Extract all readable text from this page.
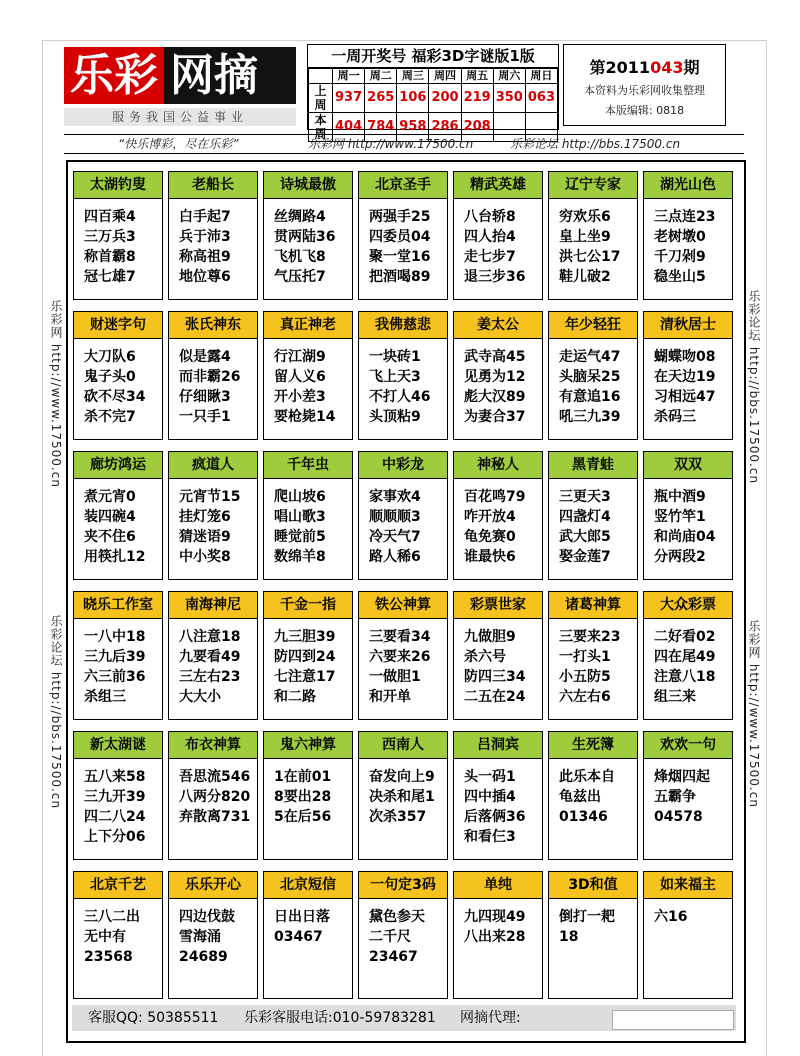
乐彩 网摘
服务我国公益事业
一周开奖号 福彩3D字谜版1版
	周一	周二	周三	周四	周五	周六	周日
上周	937	265	106	200	219	350	063
本周	404	784	958	286	208		
第2011043期
本资料为乐彩网收集整理
本版编辑: 0818
“快乐博彩，尽在乐彩”	乐彩网 http://www.17500.cn	乐彩论坛 http://bbs.17500.cn
乐彩网 http://www.17500.cn
乐彩论坛 http://bbs.17500.cn
乐彩论坛 http://bbs.17500.cn
乐彩网 http://www.17500.cn
太湖钓叟
四百乘4
三万兵3
称首霸8
冠七雄7
老船长
白手起7
兵于沛3
称高祖9
地位尊6
诗城最傲
丝绸路4
贯两陆36
飞机飞8
气压托7
北京圣手
两强手25
四委员04
聚一堂16
把酒喝89
精武英雄
八台轿8
四人抬4
走七步7
退三步36
辽宁专家
穷欢乐6
皇上坐9
洪七公17
鞋儿破2
湖光山色
三点连23
老树墩0
千刀剁9
稳坐山5
财迷字句
大刀队6
鬼子头0
砍不尽34
杀不完7
张氏神东
似是露4
而非霸26
仔细瞅3
一只手1
真正神老
行江湖9
留人义6
开小差3
要枪毙14
我佛慈悲
一块砖1
飞上天3
不打人46
头顶粘9
姜太公
武寺高45
见勇为12
彪大汉89
为妻合37
年少轻狂
走运气47
头脑呆25
有意追16
吼三九39
清秋居士
蝴蝶吻08
在天边19
习相远47
杀码三
廊坊鸿运
煮元宵0
装四碗4
夹不住6
用筷扎12
疯道人
元宵节15
挂灯笼6
猜迷语9
中小奖8
千年虫
爬山坡6
唱山歌3
睡觉前5
数绵羊8
中彩龙
家事欢4
顺顺顺3
冷天气7
路人稀6
神秘人
百花鸣79
咋开放4
龟免赛0
谁最快6
黑青蛙
三更天3
四盏灯4
武大郎5
娶金莲7
双双
瓶中酒9
竖竹竿1
和尚庙04
分两段2
晓乐工作室
一八中18
三九后39
六三前36
杀组三
南海神尼
八注意18
九要看49
三左右23
大大小
千金一指
九三胆39
防四到24
七注意17
和二路
铁公神算
三要看34
六要来26
一做胆1
和开单
彩票世家
九做胆9
杀六号
防四三34
二五在24
诸葛神算
三要来23
一打头1
小五防5
六左右6
大众彩票
二好看02
四在尾49
注意八18
组三来
新太湖谜
五八来58
三九开39
四二八24
上下分06
布衣神算
吾思流546
八两分820
弃散离731
鬼六神算
1在前01
8要出28
5在后56
西南人
奋发向上9
决杀和尾1
次杀357
吕洞宾
头一码1
四中插4
后落俩36
和看仨3
生死簿
此乐本自
龟兹出
01346
欢欢一句
烽烟四起
五霸争
04578
北京千艺
三八二出
无中有
23568
乐乐开心
四边伐鼓
雪海涌
24689
北京短信
日出日落
03467
一句定3码
黛色参天
二千尺
23467
单纯
九四现49
八出来28
3D和值
倒打一耙
18
如来福主
六16
客服QQ: 50385511 乐彩客服电话:010-59783281 网摘代理:
